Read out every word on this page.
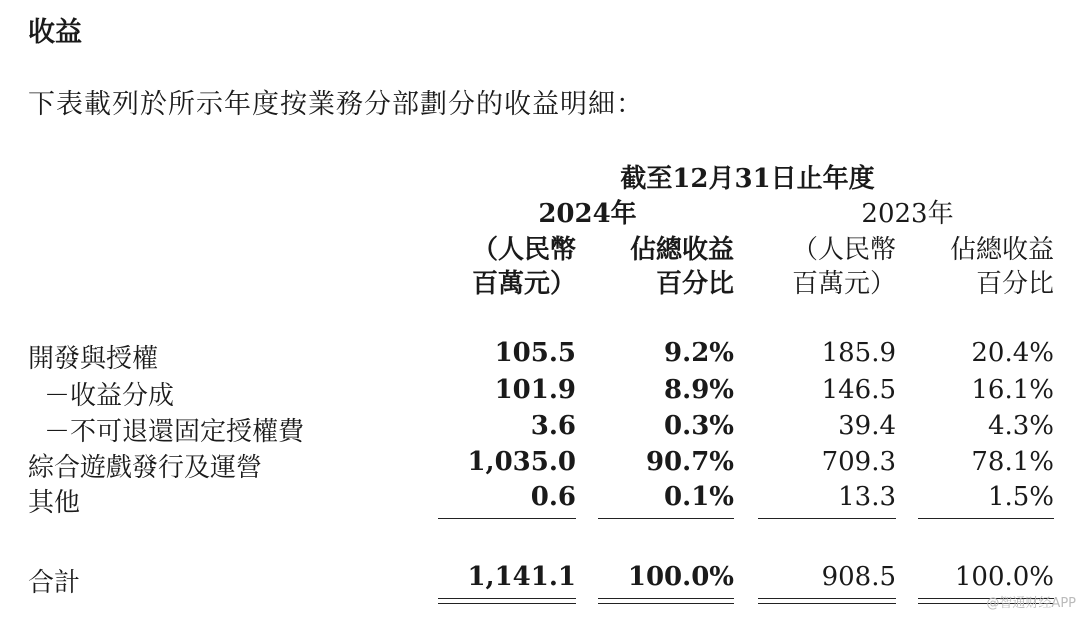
收益
下表載列於所示年度按業務分部劃分的收益明細：
截至12月31日止年度
2024年	2023年
（人民幣
百萬元）
佔總收益
百分比
（人民幣
百萬元）
佔總收益
百分比
開發與授權	105.5	9.2%	185.9	20.4%
－收益分成	101.9	8.9%	146.5	16.1%
－不可退還固定授權費	3.6	0.3%	39.4	4.3%
綜合遊戲發行及運營	1,035.0	90.7%	709.3	78.1%
其他	0.6	0.1%	13.3	1.5%
合計	1,141.1	100.0%	908.5	100.0%
@智通财经APP
